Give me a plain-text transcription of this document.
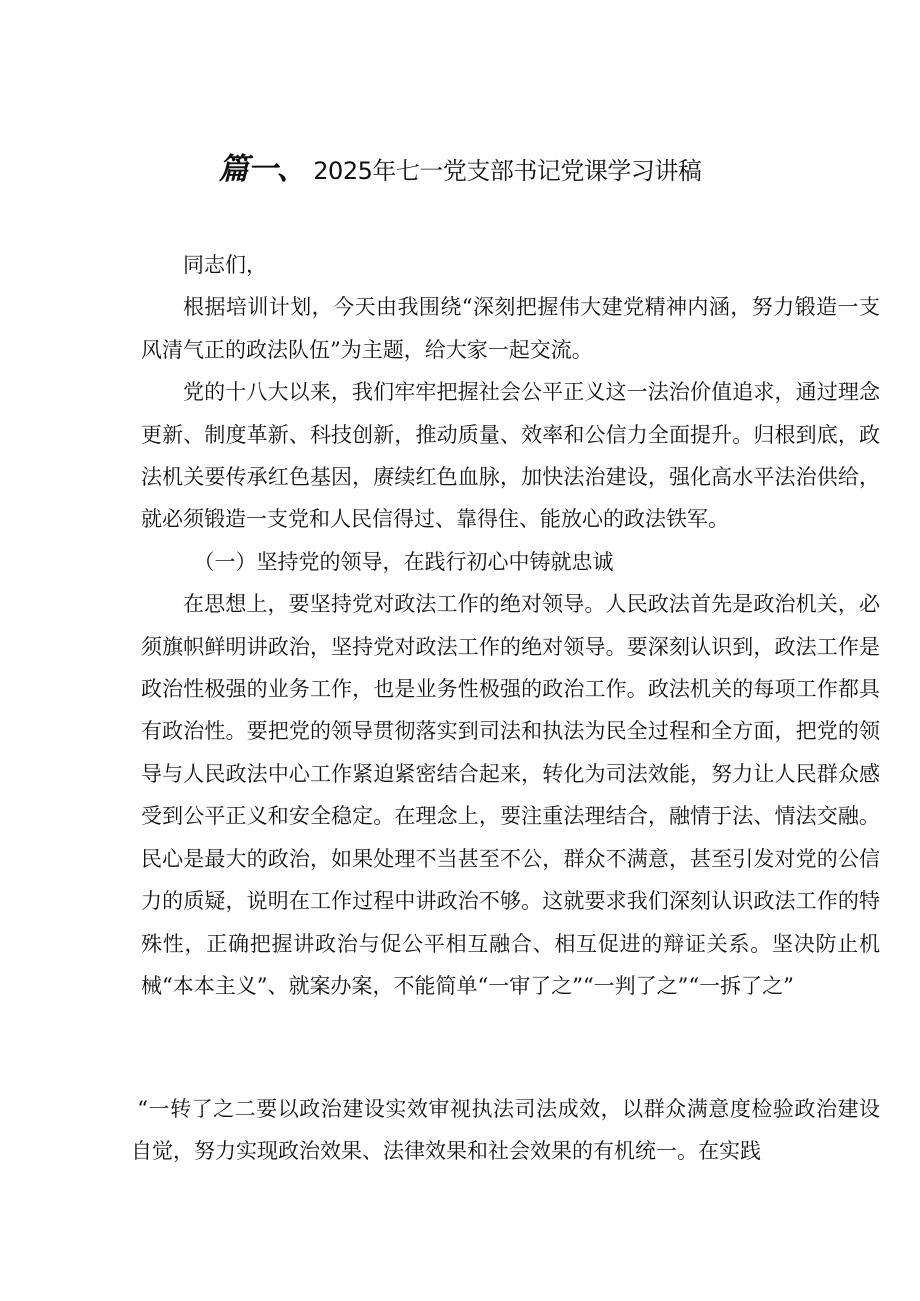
篇一、 2025年七一党支部书记党课学习讲稿

同志们，

根据培训计划，今天由我围绕“深刻把握伟大建党精神内涵，努力锻造一支风清气正的政法队伍”为主题，给大家一起交流。

党的十八大以来，我们牢牢把握社会公平正义这一法治价值追求，通过理念更新、制度革新、科技创新，推动质量、效率和公信力全面提升。归根到底，政法机关要传承红色基因，赓续红色血脉，加快法治建设，强化高水平法治供给，就必须锻造一支党和人民信得过、靠得住、能放心的政法铁军。

（一）坚持党的领导，在践行初心中铸就忠诚

在思想上，要坚持党对政法工作的绝对领导。人民政法首先是政治机关，必须旗帜鲜明讲政治，坚持党对政法工作的绝对领导。要深刻认识到，政法工作是政治性极强的业务工作，也是业务性极强的政治工作。政法机关的每项工作都具有政治性。要把党的领导贯彻落实到司法和执法为民全过程和全方面，把党的领导与人民政法中心工作紧迫紧密结合起来，转化为司法效能，努力让人民群众感受到公平正义和安全稳定。在理念上，要注重法理结合，融情于法、情法交融。民心是最大的政治，如果处理不当甚至不公，群众不满意，甚至引发对党的公信力的质疑，说明在工作过程中讲政治不够。这就要求我们深刻认识政法工作的特殊性，正确把握讲政治与促公平相互融合、相互促进的辩证关系。坚决防止机械“本本主义”、就案办案，不能简单“一审了之”“一判了之”“一拆了之”

“一转了之二要以政治建设实效审视执法司法成效，以群众满意度检验政治建设自觉，努力实现政治效果、法律效果和社会效果的有机统一。在实践
